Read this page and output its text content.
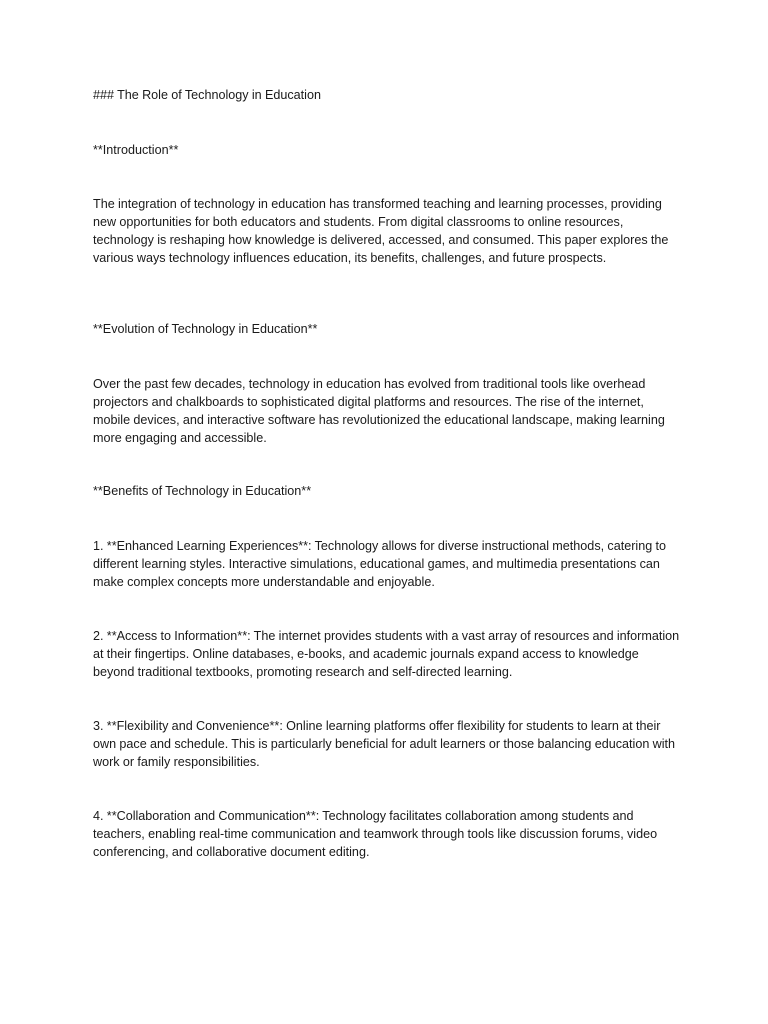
### The Role of Technology in Education

**Introduction**

The integration of technology in education has transformed teaching and learning processes, providing new opportunities for both educators and students. From digital classrooms to online resources, technology is reshaping how knowledge is delivered, accessed, and consumed. This paper explores the various ways technology influences education, its benefits, challenges, and future prospects.

**Evolution of Technology in Education**

Over the past few decades, technology in education has evolved from traditional tools like overhead projectors and chalkboards to sophisticated digital platforms and resources. The rise of the internet, mobile devices, and interactive software has revolutionized the educational landscape, making learning more engaging and accessible.

**Benefits of Technology in Education**

1. **Enhanced Learning Experiences**: Technology allows for diverse instructional methods, catering to different learning styles. Interactive simulations, educational games, and multimedia presentations can make complex concepts more understandable and enjoyable.

2. **Access to Information**: The internet provides students with a vast array of resources and information at their fingertips. Online databases, e-books, and academic journals expand access to knowledge beyond traditional textbooks, promoting research and self-directed learning.

3. **Flexibility and Convenience**: Online learning platforms offer flexibility for students to learn at their own pace and schedule. This is particularly beneficial for adult learners or those balancing education with work or family responsibilities.

4. **Collaboration and Communication**: Technology facilitates collaboration among students and teachers, enabling real-time communication and teamwork through tools like discussion forums, video conferencing, and collaborative document editing.
